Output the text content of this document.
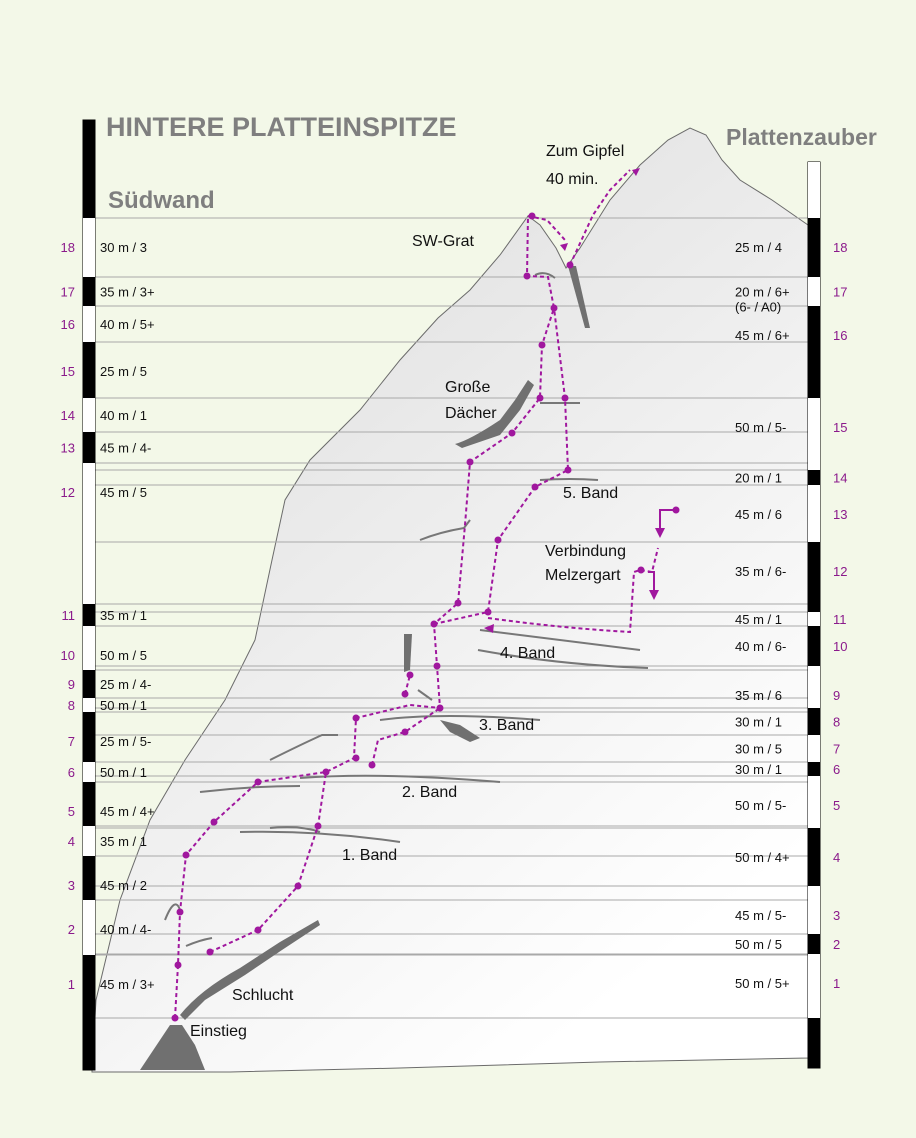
HINTERE PLATTEINSPITZE
Südwand
Plattenzauber
Zum Gipfel
40 min.
SW-Grat
Große
Dächer
5. Band
Verbindung
Melzergart
4. Band
3. Band
2. Band
1. Band
Schlucht
Einstieg
18 30 m / 3
17 35 m / 3+
16 40 m / 5+
15 25 m / 5
14 40 m / 1
13 45 m / 4-
12 45 m / 5
11 35 m / 1
10 50 m / 5
9 25 m / 4-
8 50 m / 1
7 25 m / 5-
6 50 m / 1
5 45 m / 4+
4 35 m / 1
3 45 m / 2
2 40 m / 4-
1 45 m / 3+
18
25 m / 4
17
20 m / 6+
(6- / A0)
16
45 m / 6+
15
50 m / 5-
14
20 m / 1
13
45 m / 6
12
35 m / 6-
11
45 m / 1
10
40 m / 6-
9
35 m / 6
8
30 m / 1
7
30 m / 5
6
30 m / 1
5
50 m / 5-
4
50 m / 4+
3
45 m / 5-
2
50 m / 5
1
50 m / 5+
